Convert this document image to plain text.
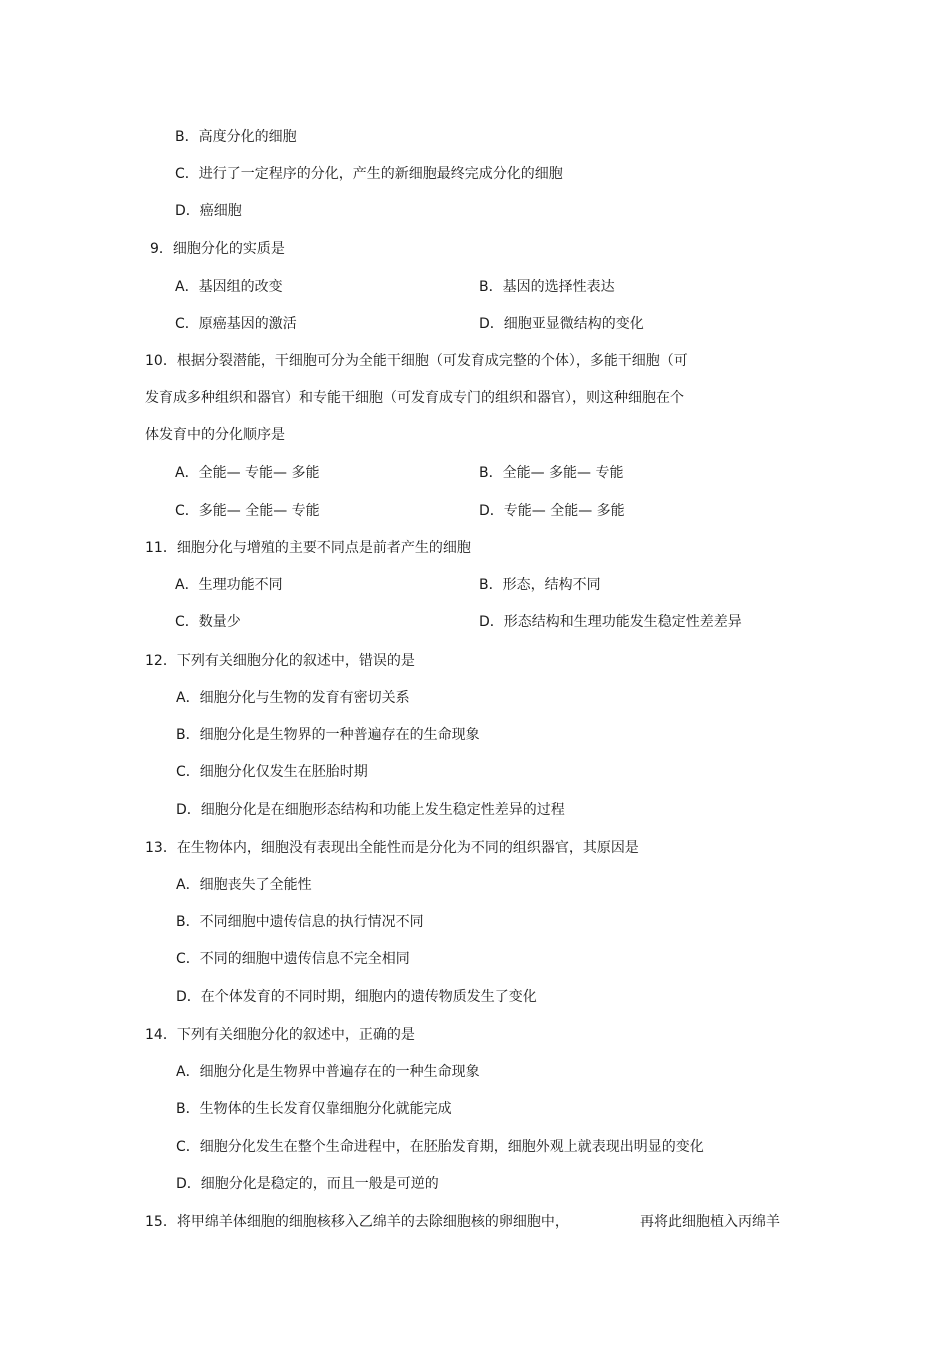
B．高度分化的细胞
C．进行了一定程序的分化，产生的新细胞最终完成分化的细胞
D．癌细胞
9．细胞分化的实质是
A．基因组的改变	B．基因的选择性表达
C．原癌基因的激活	D．细胞亚显微结构的变化
10．根据分裂潜能，干细胞可分为全能干细胞（可发育成完整的个体），多能干细胞（可
发育成多种组织和器官）和专能干细胞（可发育成专门的组织和器官），则这种细胞在个
体发育中的分化顺序是
A．全能— 专能— 多能	B．全能— 多能— 专能
C．多能— 全能— 专能	D．专能— 全能— 多能
11．细胞分化与增殖的主要不同点是前者产生的细胞
A．生理功能不同	B．形态，结构不同
C．数量少	D．形态结构和生理功能发生稳定性差差异
12．下列有关细胞分化的叙述中，错误的是
A．细胞分化与生物的发育有密切关系
B．细胞分化是生物界的一种普遍存在的生命现象
C．细胞分化仅发生在胚胎时期
D．细胞分化是在细胞形态结构和功能上发生稳定性差异的过程
13．在生物体内，细胞没有表现出全能性而是分化为不同的组织器官，其原因是
A．细胞丧失了全能性
B．不同细胞中遗传信息的执行情况不同
C．不同的细胞中遗传信息不完全相同
D．在个体发育的不同时期，细胞内的遗传物质发生了变化
14．下列有关细胞分化的叙述中，正确的是
A．细胞分化是生物界中普遍存在的一种生命现象
B．生物体的生长发育仅靠细胞分化就能完成
C．细胞分化发生在整个生命进程中，在胚胎发育期，细胞外观上就表现出明显的变化
D．细胞分化是稳定的，而且一般是可逆的
15．将甲绵羊体细胞的细胞核移入乙绵羊的去除细胞核的卵细胞中，	再将此细胞植入丙绵羊
